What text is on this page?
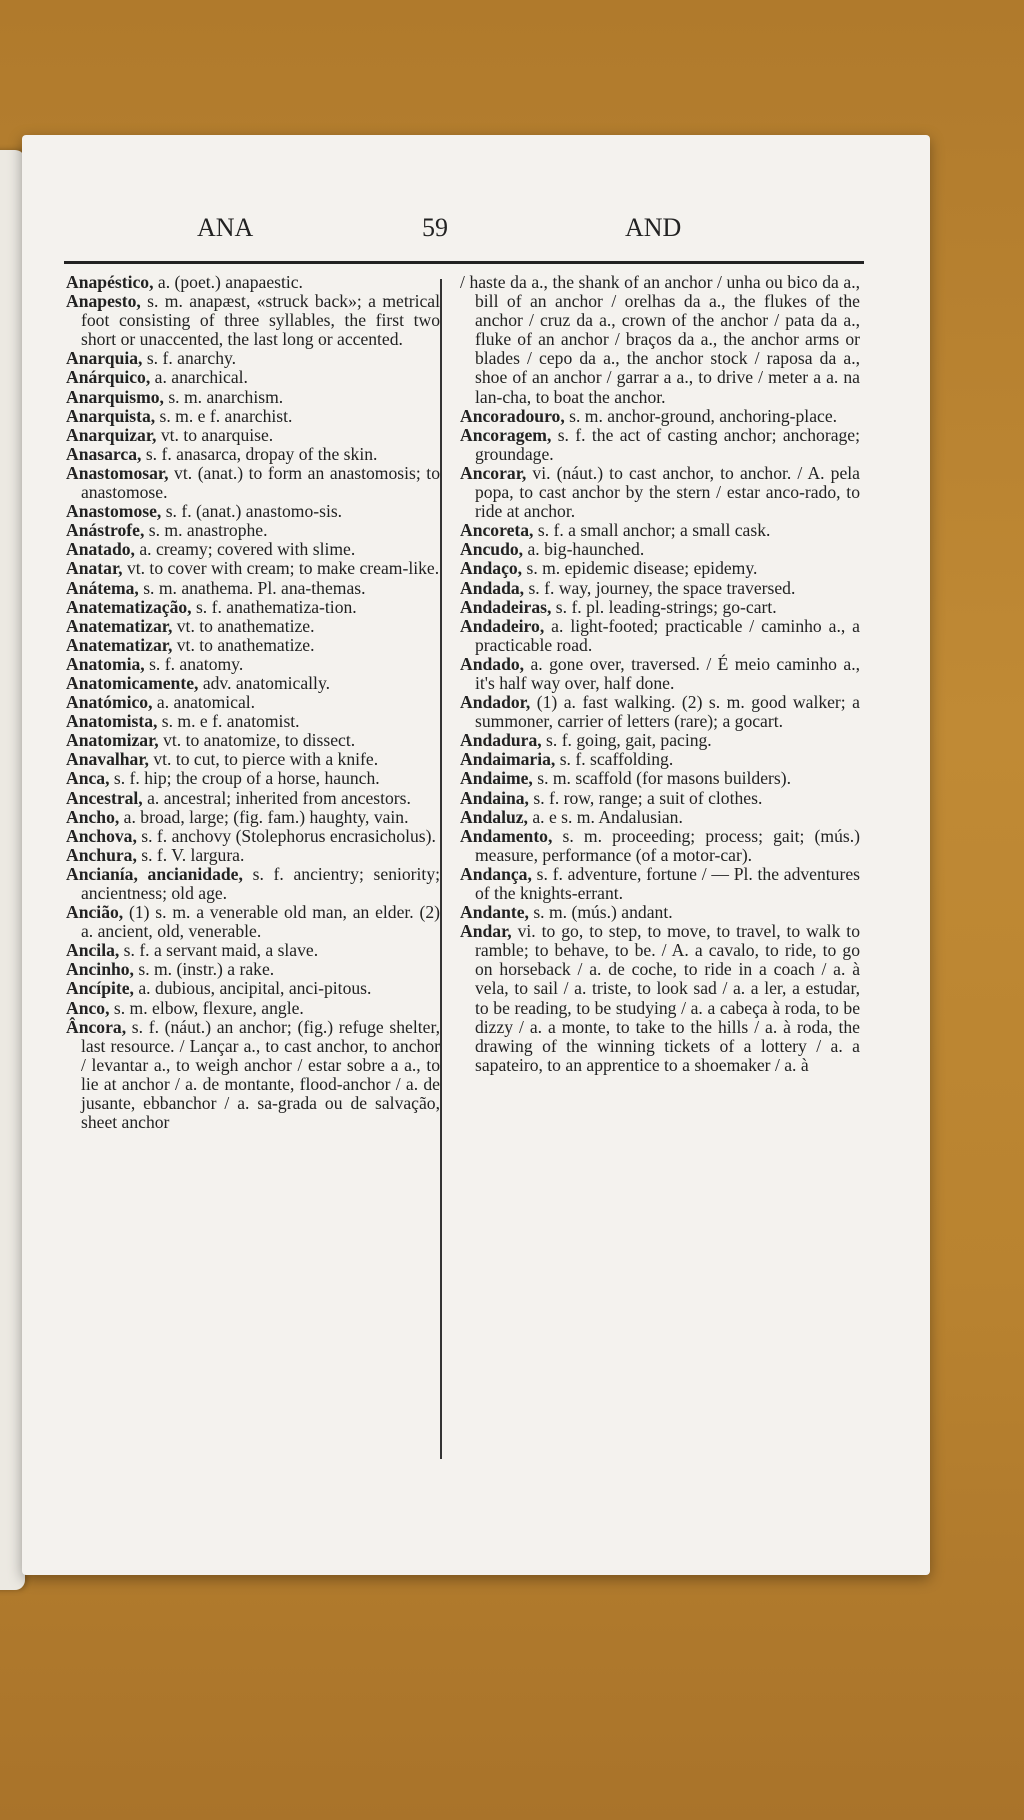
ANA	59	AND

Anapéstico, a. (poet.) anapaestic.

Anapesto, s. m. anapæst, «struck back»; a metrical foot consisting of three syllables, the first two short or unaccented, the last long or accented.

Anarquia, s. f. anarchy.

Anárquico, a. anarchical.

Anarquismo, s. m. anarchism.

Anarquista, s. m. e f. anarchist.

Anarquizar, vt. to anarquise.

Anasarca, s. f. anasarca, dropay of the skin.

Anastomosar, vt. (anat.) to form an anastomosis; to anastomose.

Anastomose, s. f. (anat.) anastomo-sis.

Anástrofe, s. m. anastrophe.

Anatado, a. creamy; covered with slime.

Anatar, vt. to cover with cream; to make cream-like.

Anátema, s. m. anathema. Pl. ana-themas.

Anatematização, s. f. anathematiza-tion.

Anatematizar, vt. to anathematize.

Anatematizar, vt. to anathematize.

Anatomia, s. f. anatomy.

Anatomicamente, adv. anatomically.

Anatómico, a. anatomical.

Anatomista, s. m. e f. anatomist.

Anatomizar, vt. to anatomize, to dissect.

Anavalhar, vt. to cut, to pierce with a knife.

Anca, s. f. hip; the croup of a horse, haunch.

Ancestral, a. ancestral; inherited from ancestors.

Ancho, a. broad, large; (fig. fam.) haughty, vain.

Anchova, s. f. anchovy (Stolephorus encrasicholus).

Anchura, s. f. V. largura.

Ancianía, ancianidade, s. f. ancientry; seniority; ancientness; old age.

Ancião, (1) s. m. a venerable old man, an elder. (2) a. ancient, old, venerable.

Ancila, s. f. a servant maid, a slave.

Ancinho, s. m. (instr.) a rake.

Ancípite, a. dubious, ancipital, anci-pitous.

Anco, s. m. elbow, flexure, angle.

Âncora, s. f. (náut.) an anchor; (fig.) refuge shelter, last resource. / Lançar a., to cast anchor, to anchor / levantar a., to weigh anchor / estar sobre a a., to lie at anchor / a. de montante, flood-anchor / a. de jusante, ebbanchor / a. sa-grada ou de salvação, sheet anchor

/ haste da a., the shank of an anchor / unha ou bico da a., bill of an anchor / orelhas da a., the flukes of the anchor / cruz da a., crown of the anchor / pata da a., fluke of an anchor / braços da a., the anchor arms or blades / cepo da a., the anchor stock / raposa da a., shoe of an anchor / garrar a a., to drive / meter a a. na lan-cha, to boat the anchor.

Ancoradouro, s. m. anchor-ground, anchoring-place.

Ancoragem, s. f. the act of casting anchor; anchorage; groundage.

Ancorar, vi. (náut.) to cast anchor, to anchor. / A. pela popa, to cast anchor by the stern / estar anco-rado, to ride at anchor.

Ancoreta, s. f. a small anchor; a small cask.

Ancudo, a. big-haunched.

Andaço, s. m. epidemic disease; epidemy.

Andada, s. f. way, journey, the space traversed.

Andadeiras, s. f. pl. leading-strings; go-cart.

Andadeiro, a. light-footed; practicable / caminho a., a practicable road.

Andado, a. gone over, traversed. / É meio caminho a., it's half way over, half done.

Andador, (1) a. fast walking. (2) s. m. good walker; a summoner, carrier of letters (rare); a gocart.

Andadura, s. f. going, gait, pacing.

Andaimaria, s. f. scaffolding.

Andaime, s. m. scaffold (for masons builders).

Andaina, s. f. row, range; a suit of clothes.

Andaluz, a. e s. m. Andalusian.

Andamento, s. m. proceeding; process; gait; (mús.) measure, performance (of a motor-car).

Andança, s. f. adventure, fortune / — Pl. the adventures of the knights-errant.

Andante, s. m. (mús.) andant.

Andar, vi. to go, to step, to move, to travel, to walk to ramble; to behave, to be. / A. a cavalo, to ride, to go on horseback / a. de coche, to ride in a coach / a. à vela, to sail / a. triste, to look sad / a. a ler, a estudar, to be reading, to be studying / a. a cabeça à roda, to be dizzy / a. a monte, to take to the hills / a. à roda, the drawing of the winning tickets of a lottery / a. a sapateiro, to an apprentice to a shoemaker / a. à
